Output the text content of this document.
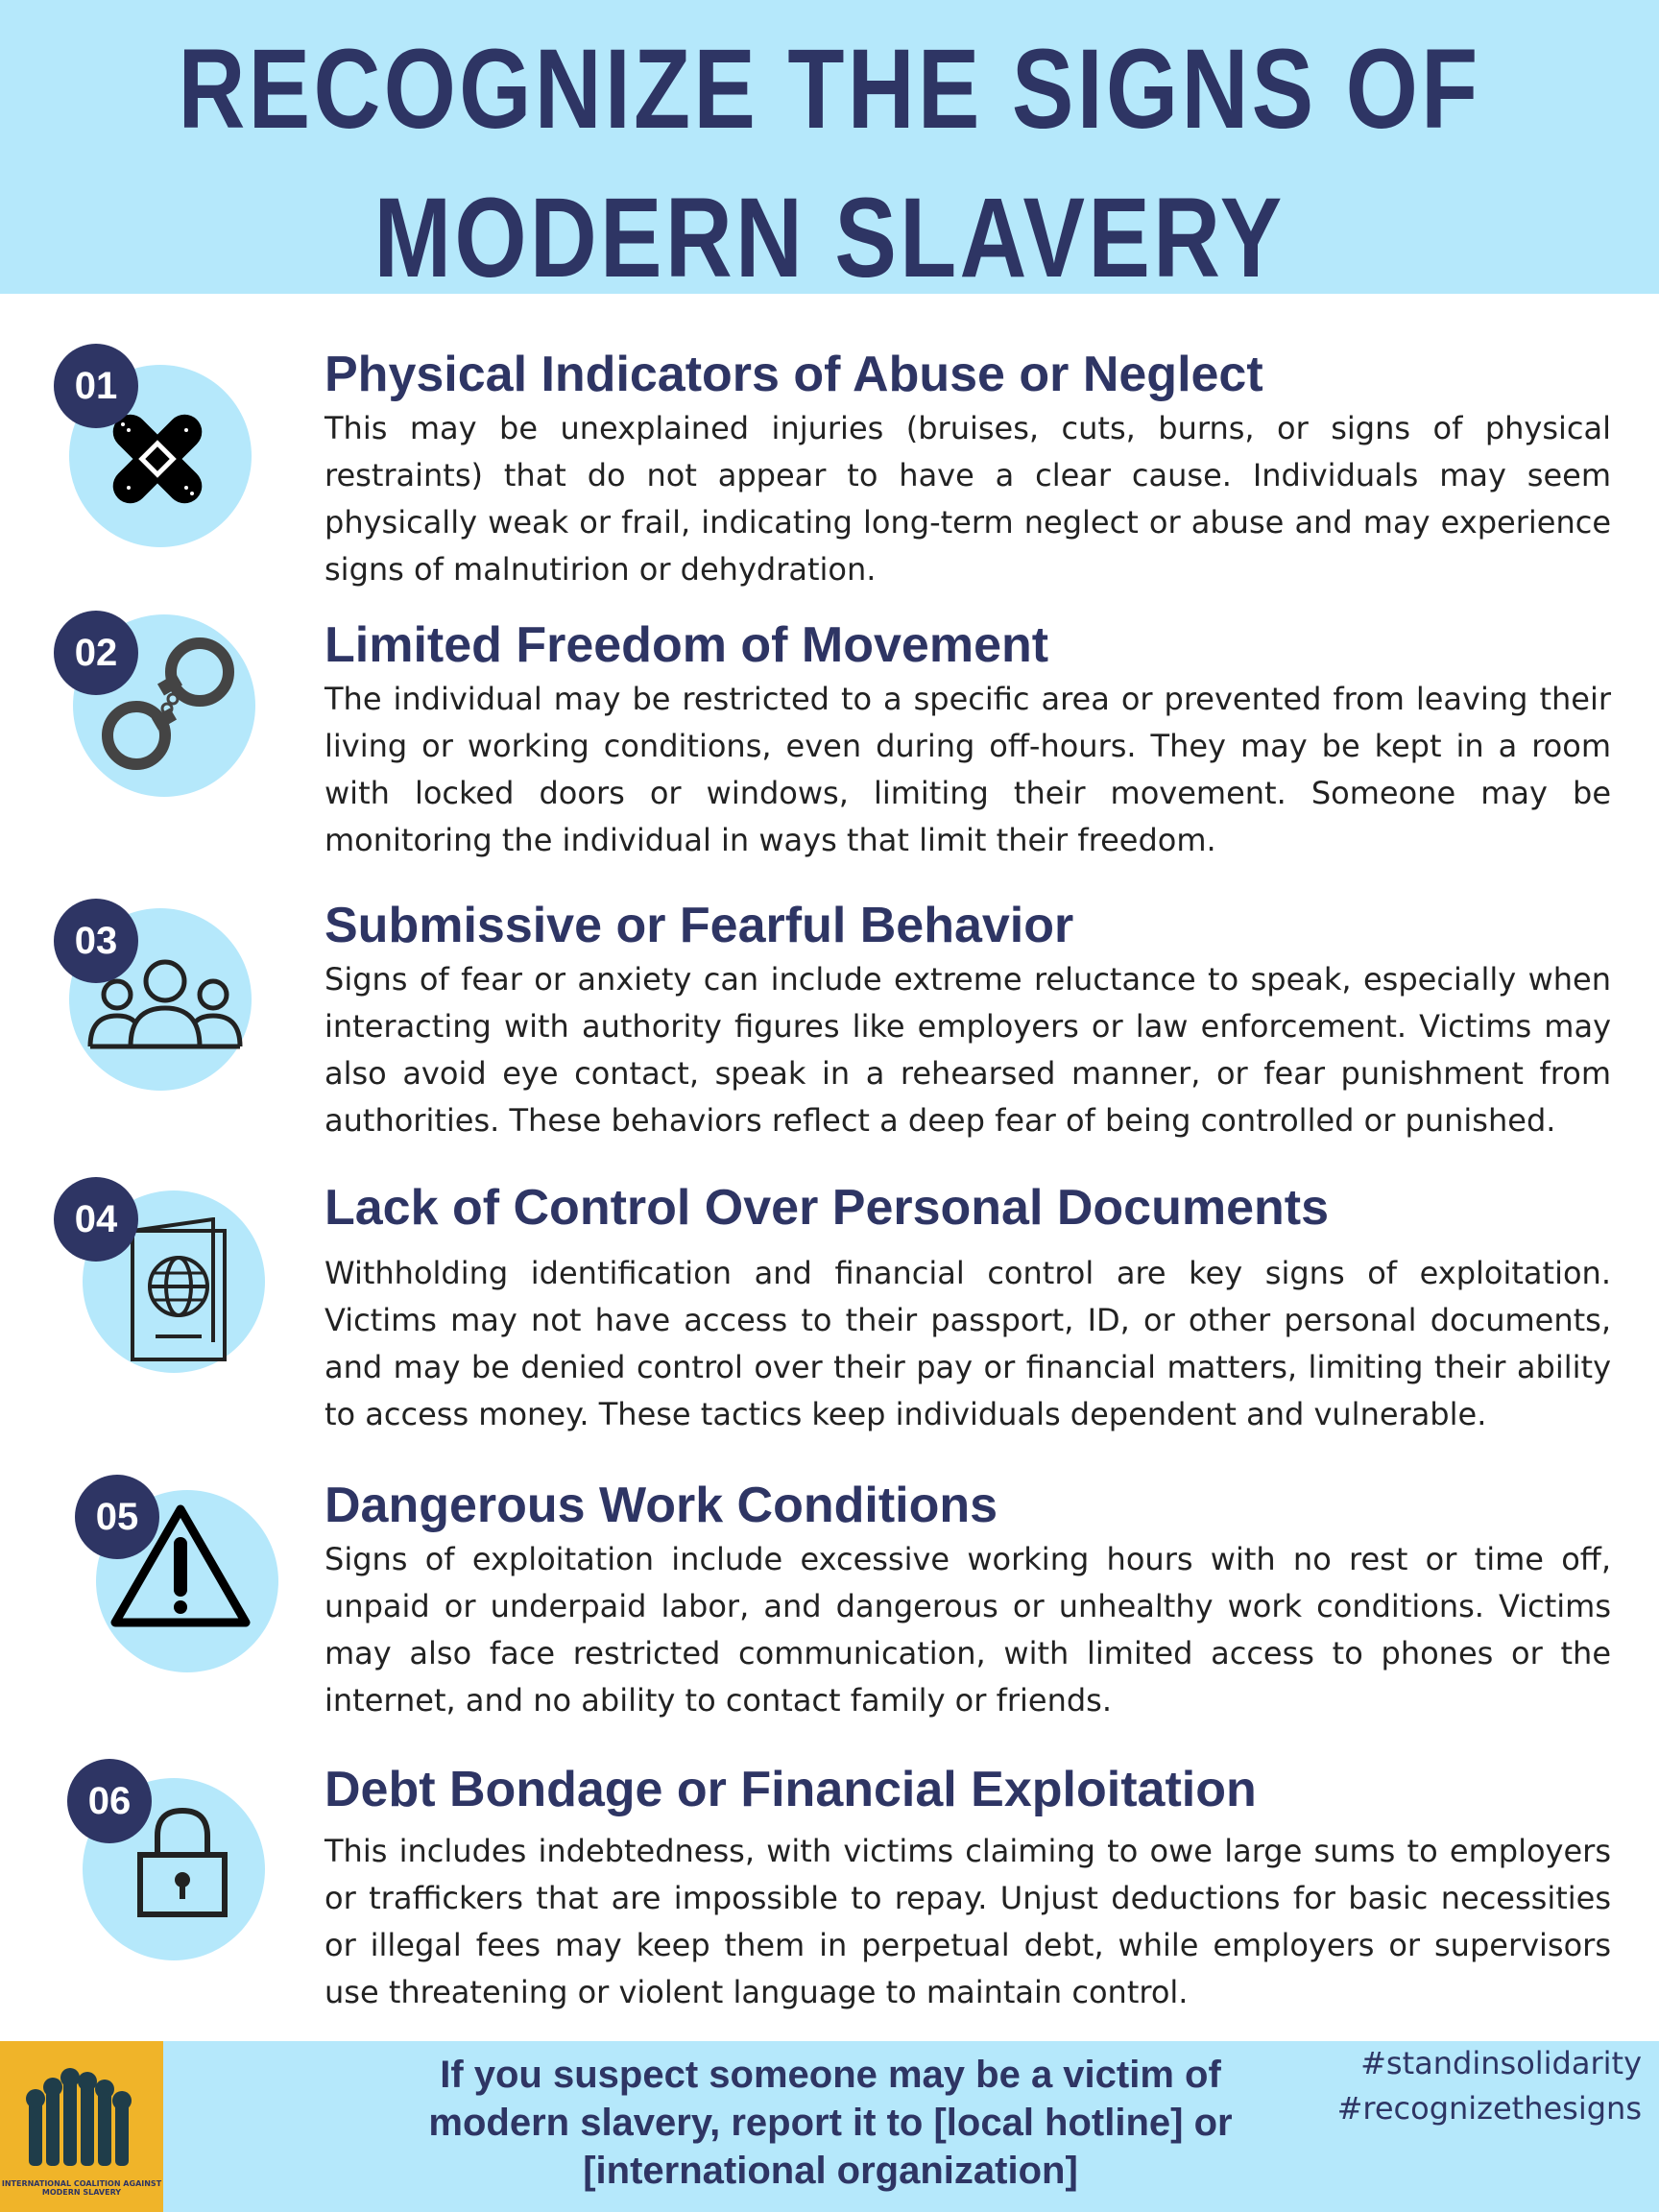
RECOGNIZE THE SIGNS OF
MODERN SLAVERY
01	Physical Indicators of Abuse or Neglect

This may be unexplained injuries (bruises, cuts, burns, or signs of physical restraints) that do not appear to have a clear cause. Individuals may seem physically weak or frail, indicating long-term neglect or abuse and may experience signs of malnutirion or dehydration.

02	Limited Freedom of Movement

The individual may be restricted to a specific area or prevented from leaving their living or working conditions, even during off-hours. They may be kept in a room with locked doors or windows, limiting their movement. Someone may be monitoring the individual in ways that limit their freedom.

03	Submissive or Fearful Behavior

Signs of fear or anxiety can include extreme reluctance to speak, especially when interacting with authority figures like employers or law enforcement. Victims may also avoid eye contact, speak in a rehearsed manner, or fear punishment from authorities. These behaviors reflect a deep fear of being controlled or punished.

04	Lack of Control Over Personal Documents

Withholding identification and financial control are key signs of exploitation. Victims may not have access to their passport, ID, or other personal documents, and may be denied control over their pay or financial matters, limiting their ability to access money. These tactics keep individuals dependent and vulnerable.

05	Dangerous Work Conditions

Signs of exploitation include excessive working hours with no rest or time off, unpaid or underpaid labor, and dangerous or unhealthy work conditions. Victims may also face restricted communication, with limited access to phones or the internet, and no ability to contact family or friends.

06	Debt Bondage or Financial Exploitation

This includes indebtedness, with victims claiming to owe large sums to employers or traffickers that are impossible to repay. Unjust deductions for basic necessities or illegal fees may keep them in perpetual debt, while employers or supervisors use threatening or violent language to maintain control.

INTERNATIONAL COALITION AGAINST MODERN SLAVERY
If you suspect someone may be a victim of modern slavery, report it to [local hotline] or [international organization]
#standinsolidarity
#recognizethesigns
